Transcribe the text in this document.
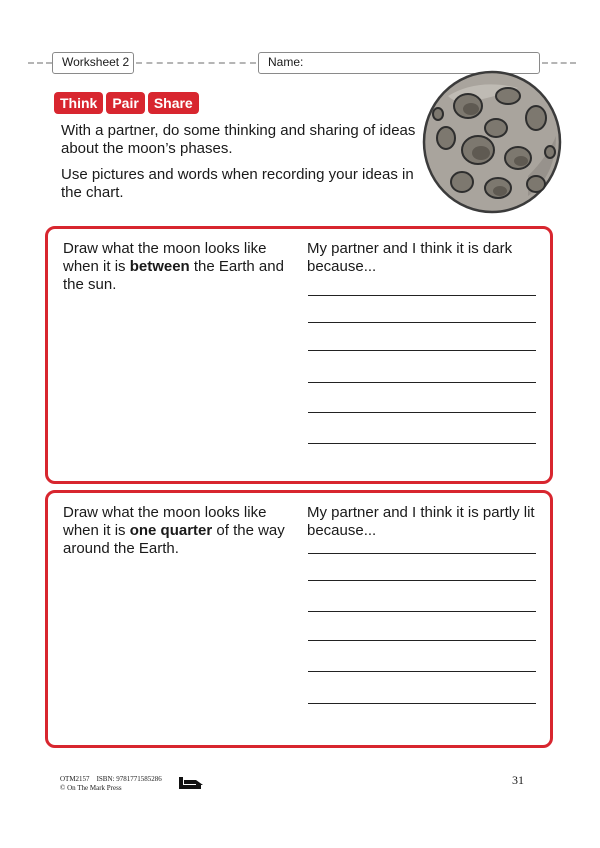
Worksheet 2	Name:
Think	Pair	Share

With a partner, do some thinking and sharing of ideas about the moon’s phases.

Use pictures and words when recording your ideas in the chart.

Draw what the moon looks like when it is between the Earth and the sun.

My partner and I think it is dark because...

Draw what the moon looks like when it is one quarter of the way around the Earth.

My partner and I think it is partly lit because...

OTM2157 ISBN: 9781771585286
© On The Mark Press
31
